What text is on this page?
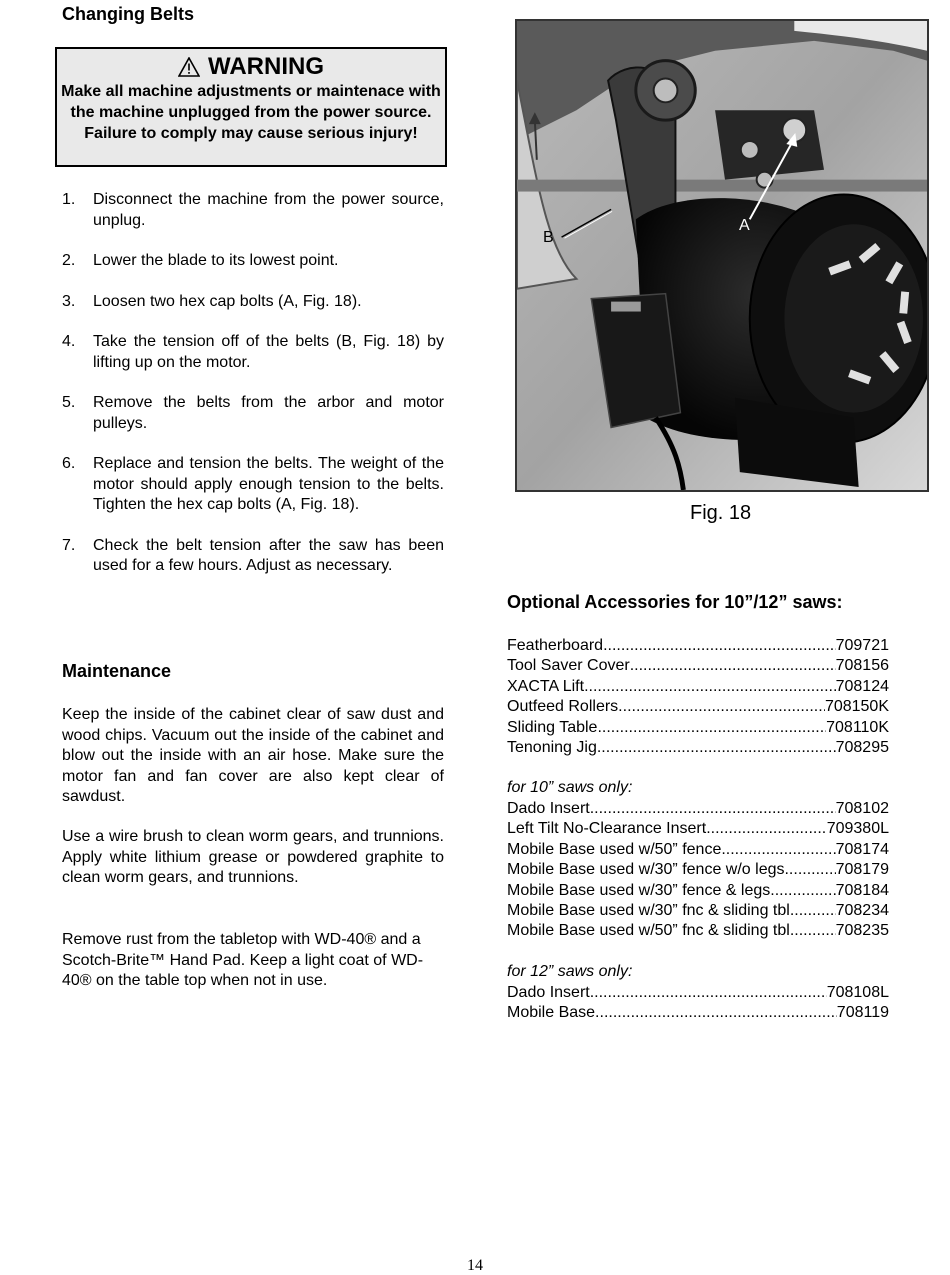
Changing Belts
WARNING
Make all machine adjustments or maintenace with the machine unplugged from the power source.
Failure to comply may cause serious injury!
1. Disconnect the machine from the power source, unplug.
2. Lower the blade to its lowest point.
3. Loosen two hex cap bolts (A, Fig. 18).
4. Take the tension off of the belts (B, Fig. 18) by lifting up on the motor.
5. Remove the belts from the arbor and motor pulleys.
6. Replace and tension the belts. The weight of the motor should apply enough tension to the belts. Tighten the hex cap bolts (A, Fig. 18).
7. Check the belt tension after the saw has been used for a few hours. Adjust as necessary.
Maintenance

Keep the inside of the cabinet clear of saw dust and wood chips. Vacuum out the inside of the cabinet and blow out the inside with an air hose. Make sure the motor fan and fan cover are also kept clear of sawdust.

Use a wire brush to clean worm gears, and trunnions. Apply white lithium grease or powdered graphite to clean worm gears, and trunnions.

Remove rust from the tabletop with WD-40® and a Scotch-Brite™ Hand Pad. Keep a light coat of WD-40® on the table top when not in use.

B
A
Fig. 18
Optional Accessories for 10”/12” saws:
Featherboard .....	709721
Tool Saver Cover .....	708156
XACTA Lift .....	708124
Outfeed Rollers .....	708150K
Sliding Table .....	708110K
Tenoning Jig .....	708295
for 10” saws only:
Dado Insert .....	708102
Left Tilt No-Clearance Insert .....	709380L
Mobile Base used w/50” fence .....	708174
Mobile Base used w/30” fence w/o legs .....	708179
Mobile Base used w/30” fence & legs .....	708184
Mobile Base used w/30” fnc & sliding tbl. .....	708234
Mobile Base used w/50” fnc & sliding tbl. .....	708235
for 12” saws only:
Dado Insert .....	708108L
Mobile Base .....	708119
14
